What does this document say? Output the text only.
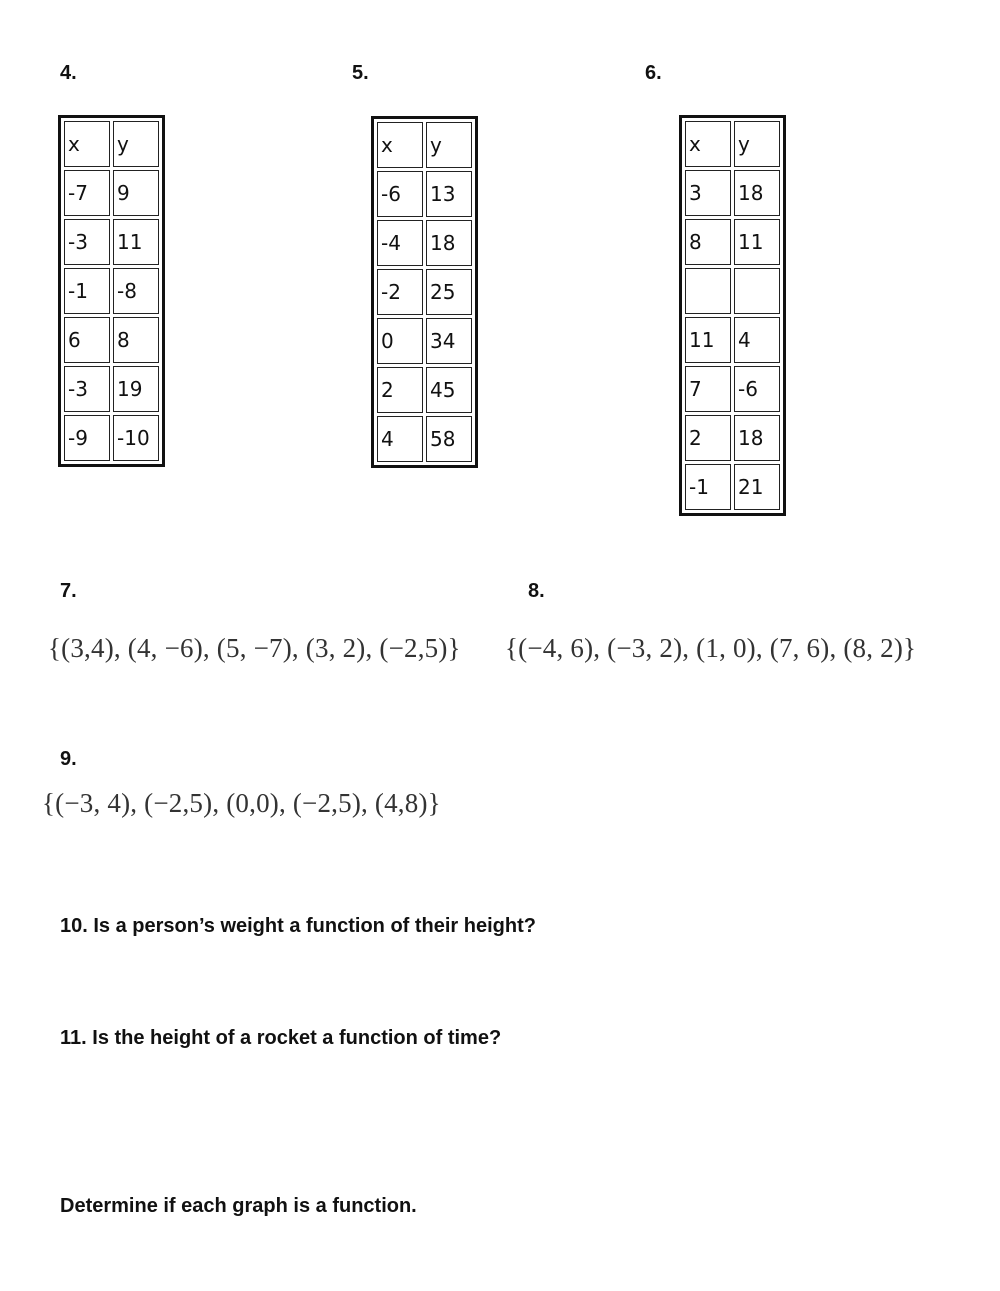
4.
x	y
-7	9
-3	11
-1	-8
6	8
-3	19
-9	-10
5.
x	y
-6	13
-4	18
-2	25
0	34
2	45
4	58
6.
x	y
3	18
8	11

11	4
7	-6
2	18
-1	21
7.
{(3,4), (4, −6), (5, −7), (3, 2), (−2,5)}
8.
{(−4, 6), (−3, 2), (1, 0), (7, 6), (8, 2)}
9.
{(−3, 4), (−2,5), (0,0), (−2,5), (4,8)}
10. Is a person’s weight a function of their height?
11. Is the height of a rocket a function of time?
Determine if each graph is a function.
